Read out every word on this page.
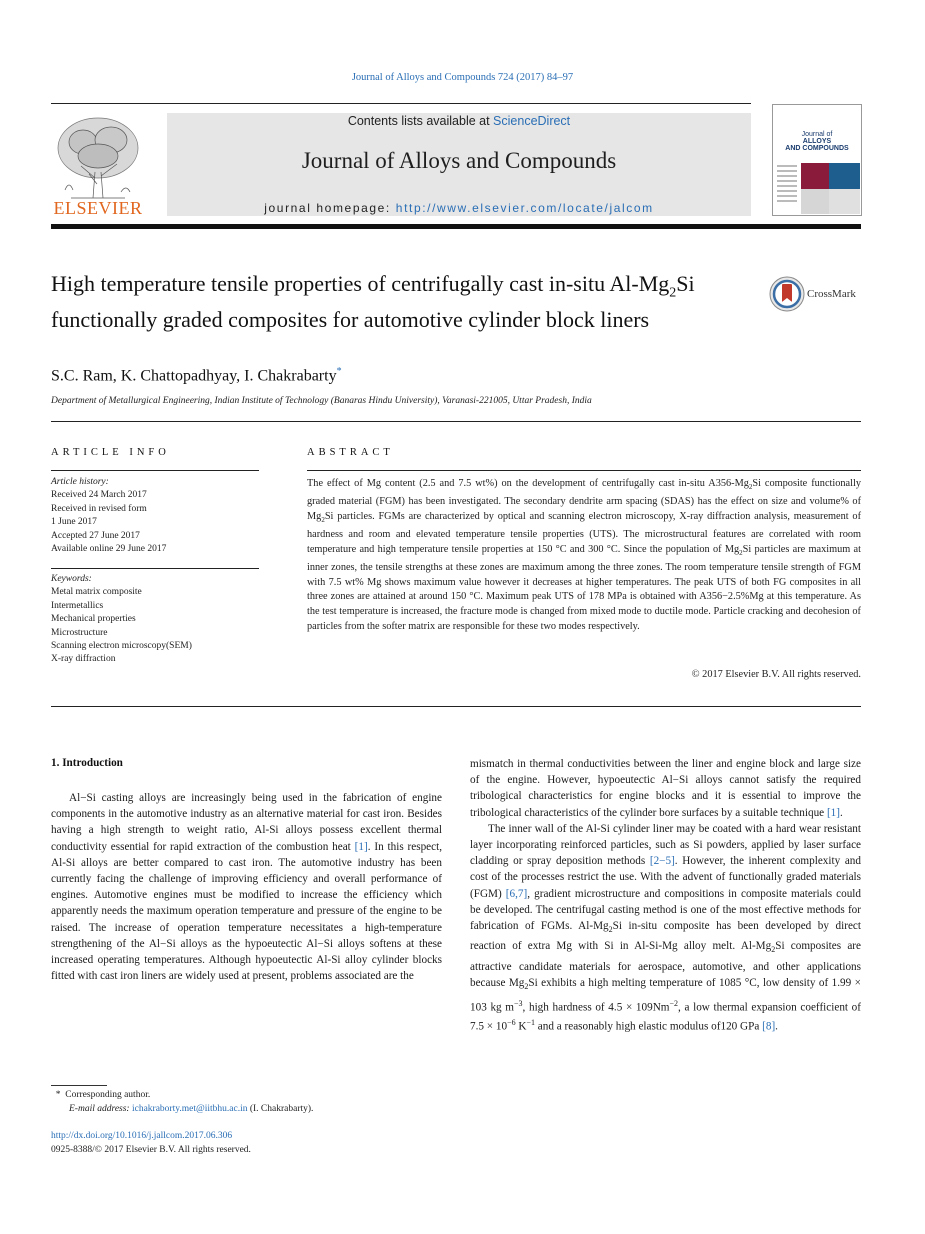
Journal of Alloys and Compounds 724 (2017) 84–97
ELSEVIER
Contents lists available at ScienceDirect
Journal of Alloys and Compounds
journal homepage: http://www.elsevier.com/locate/jalcom
Journal of
ALLOYS
AND COMPOUNDS
High temperature tensile properties of centrifugally cast in-situ $Al-Mg_2Si$ functionally graded composites for automotive cylinder block liners
CrossMark
S.C. Ram, K. Chattopadhyay, I. Chakrabarty*
Department of Metallurgical Engineering, Indian Institute of Technology (Banaras Hindu University), Varanasi-221005, Uttar Pradesh, India
ARTICLE INFO	ABSTRACT
Article history:
Received 24 March 2017
Received in revised form
1 June 2017
Accepted 27 June 2017
Available online 29 June 2017
Keywords:
Metal matrix composite
Intermetallics
Mechanical properties
Microstructure
Scanning electron microscopy(SEM)
X-ray diffraction
The effect of Mg content (2.5 and 7.5 wt%) on the development of centrifugally cast in-situ $A356-Mg_2Si$ composite functionally graded material (FGM) has been investigated. The secondary dendrite arm spacing (SDAS) has the effect on size and volume% of $Mg_2Si$ particles. FGMs are characterized by optical and scanning electron microscopy, X-ray diffraction analysis, measurement of hardness and room and elevated temperature tensile properties (UTS). The microstructural features are correlated with room temperature and high temperature tensile properties at 150 °C and 300 °C. Since the population of $Mg_2Si$ particles are maximum at inner zones, the tensile strengths at these zones are maximum among the three zones. The room temperature tensile strength of FGM with 7.5 wt% Mg shows maximum value however it decreases at higher temperatures. The peak UTS of both FG composites in all three zones are attained at around 150 °C. Maximum peak UTS of 178 MPa is obtained with A356−2.5%Mg at this temperature. As the test temperature is increased, the fracture mode is changed from mixed mode to ductile mode. Particle cracking and decohesion of particles from the softer matrix are responsible for these two modes respectively.
© 2017 Elsevier B.V. All rights reserved.
1. Introduction

Al−Si casting alloys are increasingly being used in the fabrication of engine components in the automotive industry as an alternative material for cast iron. Besides having a high strength to weight ratio, Al-Si alloys possess excellent thermal conductivity essential for rapid extraction of the combustion heat [1]. In this respect, Al-Si alloys are better compared to cast iron. The automotive industry has been currently facing the challenge of improving efficiency and overall performance of engines. Automotive engines must be modified to increase the efficiency which apparently needs the maximum operation temperature and pressure of the engine to be raised. The increase of operation temperature necessitates a high-temperature strengthening of the Al−Si alloys as the hypoeutectic Al−Si alloys softens at these increased operating temperatures. Although hypoeutectic Al-Si alloy cylinder blocks fitted with cast iron liners are widely used at present, problems associated are the

mismatch in thermal conductivities between the liner and engine block and large size of the engine. However, hypoeutectic Al−Si alloys cannot satisfy the required tribological characteristics for engine blocks and it is essential to improve the tribological characteristics of the cylinder bore surfaces by a suitable technique [1].

The inner wall of the Al-Si cylinder liner may be coated with a hard wear resistant layer incorporating reinforced particles, such as Si powders, applied by laser surface cladding or spray deposition methods [2−5]. However, the inherent complexity and cost of the processes restrict the use. With the advent of functionally graded materials (FGM) [6,7], gradient microstructure and compositions in composite materials could be developed. The centrifugal casting method is one of the most effective methods for fabrication of FGMs. $Al-Mg_2Si$ in-situ composite has been developed by direct reaction of extra Mg with Si in Al-Si-Mg alloy melt. $Al-Mg_2Si$ composites are attractive candidate materials for aerospace, automotive, and other applications because $Mg_2Si$ exhibits a high melting temperature of 1085 °C, low density of 1.99 × 103 kg $m^{-3}$, high hardness of $4.5 \times 109Nm^{-2}$, a low thermal expansion coefficient of $7.5 \times 10^{-6}$ $K^{-1}$ and a reasonably high elastic modulus of120 GPa [8].

* Corresponding author.
E-mail address: ichakraborty.met@iitbhu.ac.in (I. Chakrabarty).
http://dx.doi.org/10.1016/j.jallcom.2017.06.306
0925-8388/© 2017 Elsevier B.V. All rights reserved.
